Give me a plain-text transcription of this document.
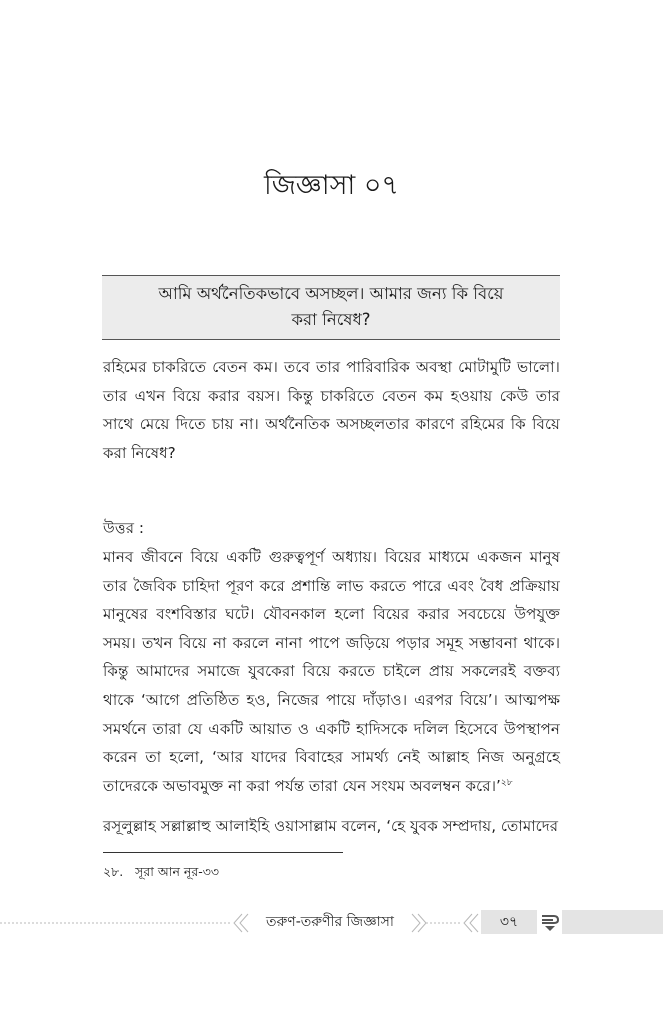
জিজ্ঞাসা ০৭
আমি অর্থনৈতিকভাবে অসচ্ছল। আমার জন্য কি বিয়ে
করা নিষেধ?

রহিমের চাকরিতে বেতন কম। তবে তার পারিবারিক অবস্থা মোটামুটি ভালো। তার এখন বিয়ে করার বয়স। কিন্তু চাকরিতে বেতন কম হওয়ায় কেউ তার সাথে মেয়ে দিতে চায় না। অর্থনৈতিক অসচ্ছলতার কারণে রহিমের কি বিয়ে করা নিষেধ?

উত্তর :

মানব জীবনে বিয়ে একটি গুরুত্বপূর্ণ অধ্যায়। বিয়ের মাধ্যমে একজন মানুষ তার জৈবিক চাহিদা পূরণ করে প্রশান্তি লাভ করতে পারে এবং বৈধ প্রক্রিয়ায় মানুষের বংশবিস্তার ঘটে। যৌবনকাল হলো বিয়ের করার সবচেয়ে উপযুক্ত সময়। তখন বিয়ে না করলে নানা পাপে জড়িয়ে পড়ার সমূহ সম্ভাবনা থাকে। কিন্তু আমাদের সমাজে যুবকেরা বিয়ে করতে চাইলে প্রায় সকলেরই বক্তব্য থাকে ‘আগে প্রতিষ্ঠিত হও, নিজের পায়ে দাঁড়াও। এরপর বিয়ে’। আত্মপক্ষ সমর্থনে তারা যে একটি আয়াত ও একটি হাদিসকে দলিল হিসেবে উপস্থাপন করেন তা হলো, ‘আর যাদের বিবাহের সামর্থ্য নেই আল্লাহ নিজ অনুগ্রহে তাদেরকে অভাবমুক্ত না করা পর্যন্ত তারা যেন সংযম অবলম্বন করে।’$^{২৮}$

রসূলুল্লাহ সল্লাল্লাহু আলাইহি ওয়াসাল্লাম বলেন, ‘হে যুবক সম্প্রদায়, তোমাদের
২৮. সূরা আন নূর-৩৩
তরুণ-তরুণীর জিজ্ঞাসা	৩৭
